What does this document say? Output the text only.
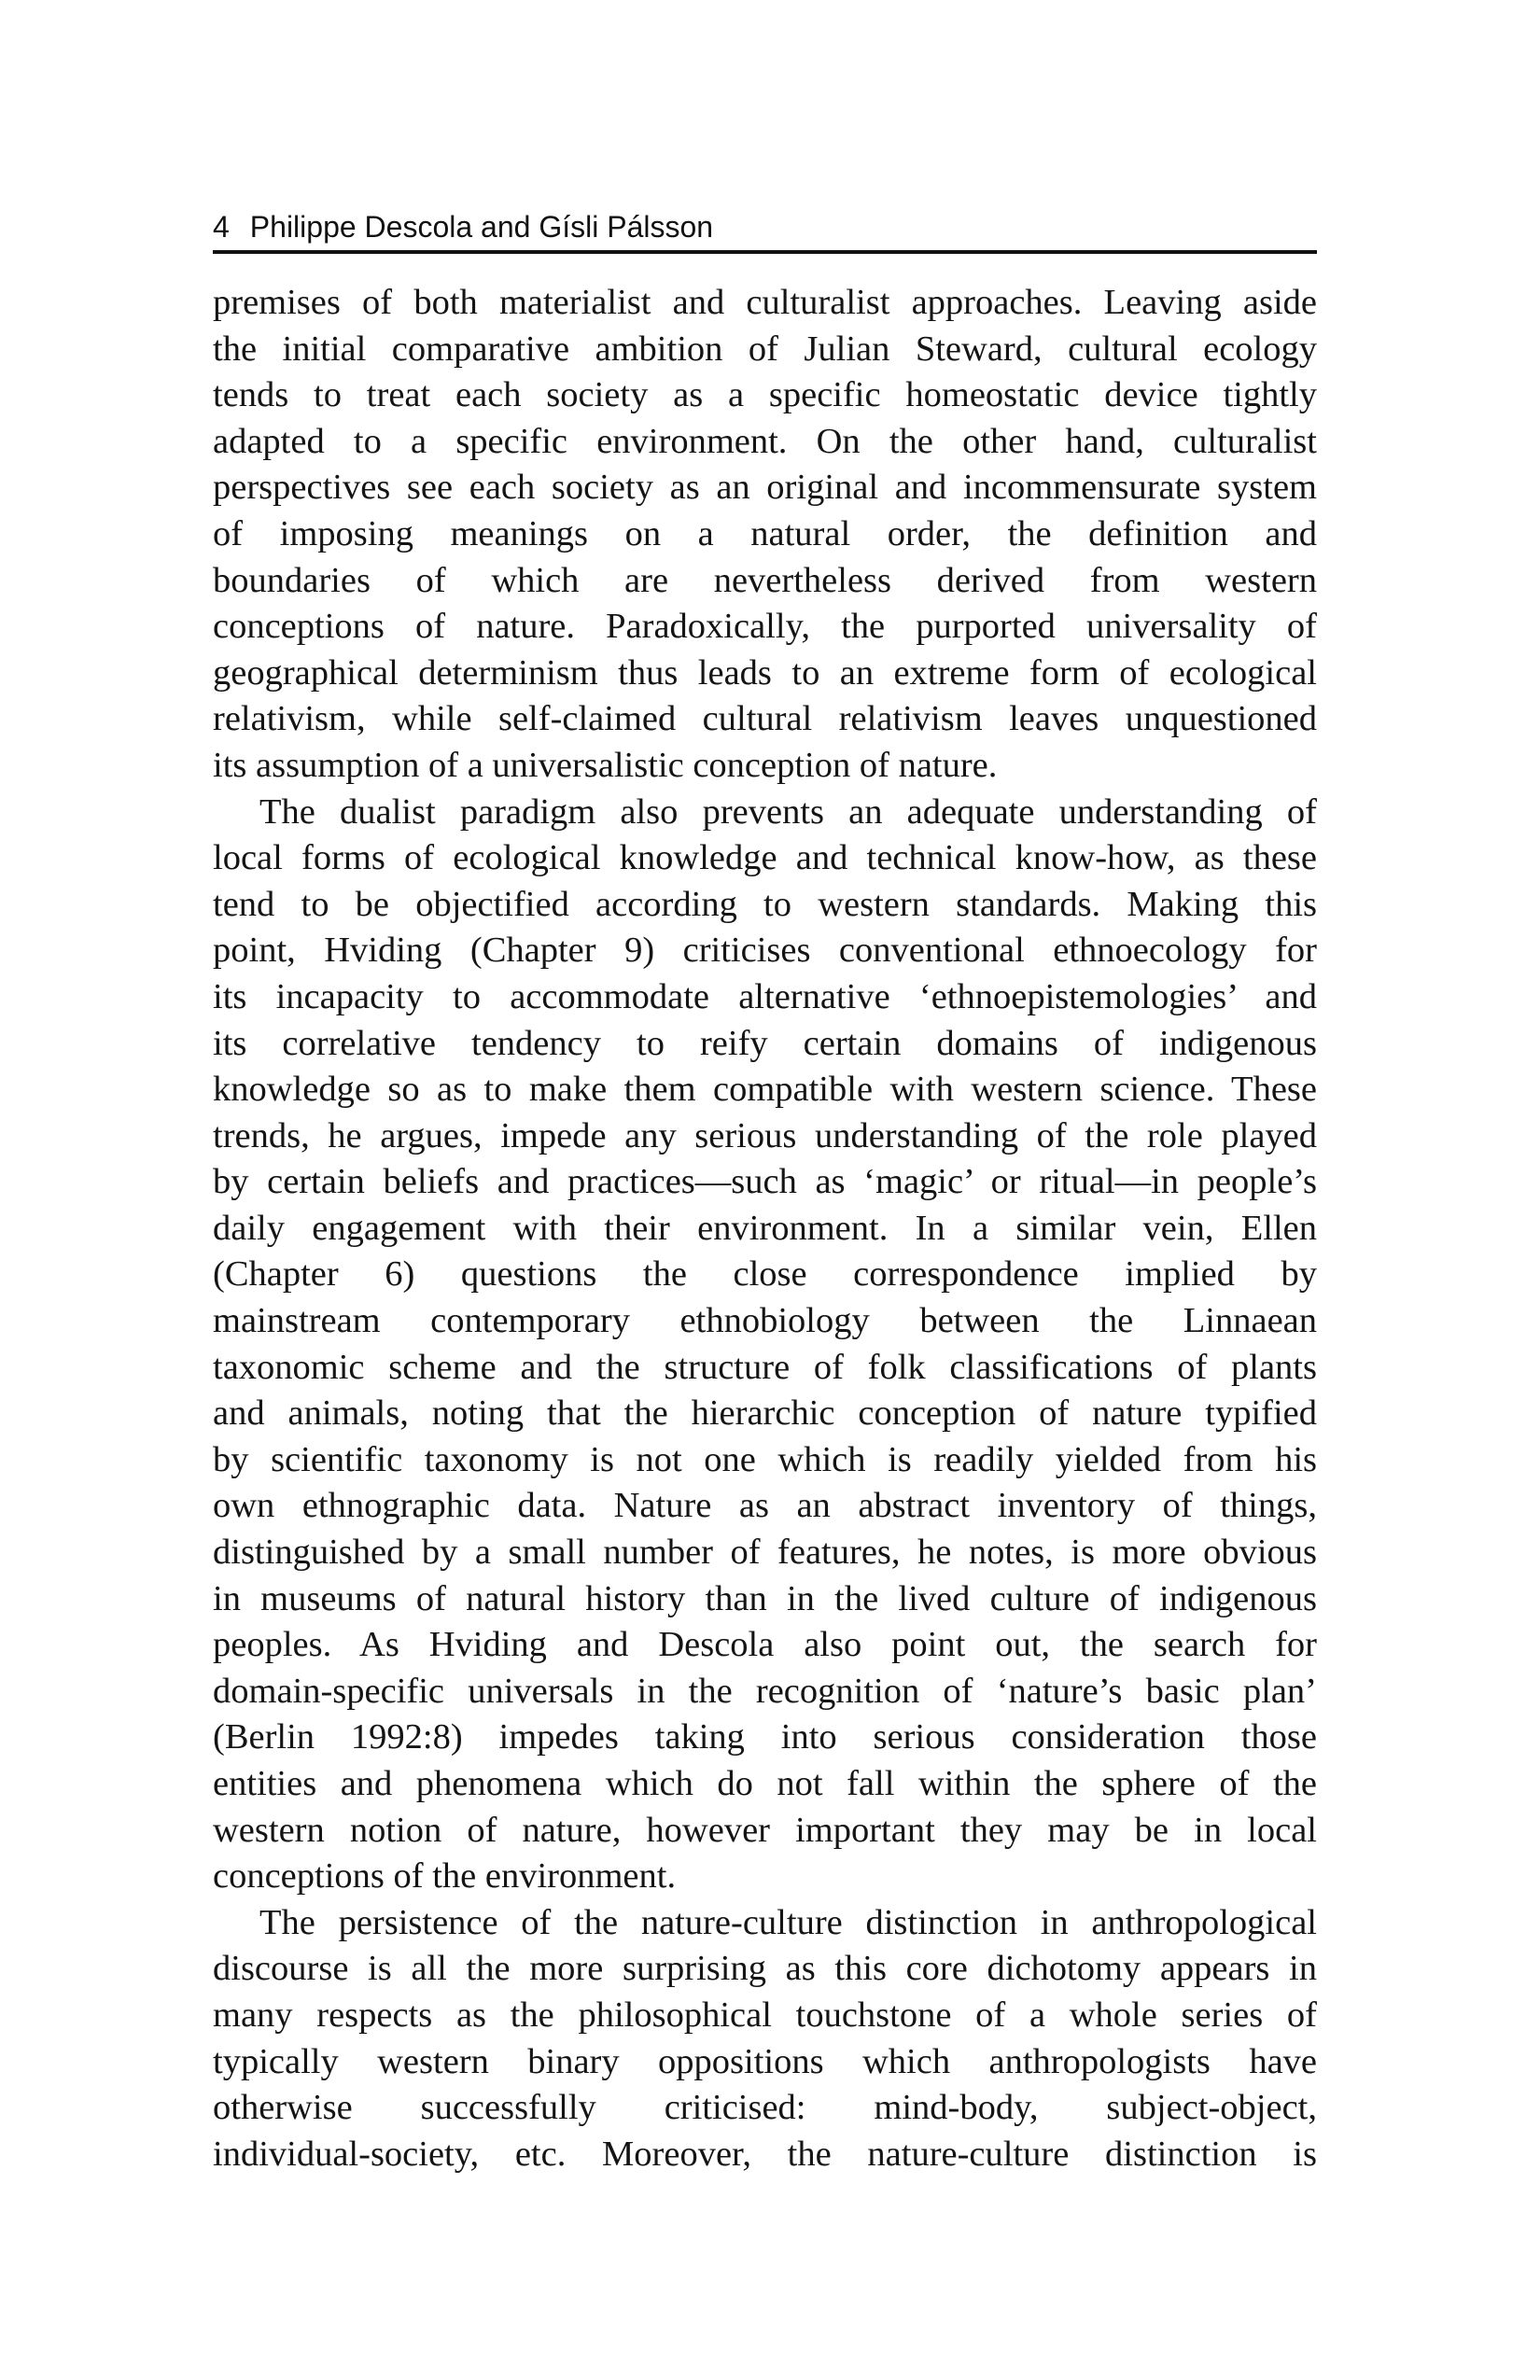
4 Philippe Descola and Gísli Pálsson
premises of both materialist and culturalist approaches. Leaving aside
the initial comparative ambition of Julian Steward, cultural ecology
tends to treat each society as a specific homeostatic device tightly
adapted to a specific environment. On the other hand, culturalist
perspectives see each society as an original and incommensurate system
of imposing meanings on a natural order, the definition and
boundaries of which are nevertheless derived from western
conceptions of nature. Paradoxically, the purported universality of
geographical determinism thus leads to an extreme form of ecological
relativism, while self-claimed cultural relativism leaves unquestioned
its assumption of a universalistic conception of nature.
The dualist paradigm also prevents an adequate understanding of
local forms of ecological knowledge and technical know-how, as these
tend to be objectified according to western standards. Making this
point, Hviding (Chapter 9) criticises conventional ethnoecology for
its incapacity to accommodate alternative ‘ethnoepistemologies’ and
its correlative tendency to reify certain domains of indigenous
knowledge so as to make them compatible with western science. These
trends, he argues, impede any serious understanding of the role played
by certain beliefs and practices—such as ‘magic’ or ritual—in people’s
daily engagement with their environment. In a similar vein, Ellen
(Chapter 6) questions the close correspondence implied by
mainstream contemporary ethnobiology between the Linnaean
taxonomic scheme and the structure of folk classifications of plants
and animals, noting that the hierarchic conception of nature typified
by scientific taxonomy is not one which is readily yielded from his
own ethnographic data. Nature as an abstract inventory of things,
distinguished by a small number of features, he notes, is more obvious
in museums of natural history than in the lived culture of indigenous
peoples. As Hviding and Descola also point out, the search for
domain-specific universals in the recognition of ‘nature’s basic plan’
(Berlin 1992:8) impedes taking into serious consideration those
entities and phenomena which do not fall within the sphere of the
western notion of nature, however important they may be in local
conceptions of the environment.
The persistence of the nature-culture distinction in anthropological
discourse is all the more surprising as this core dichotomy appears in
many respects as the philosophical touchstone of a whole series of
typically western binary oppositions which anthropologists have
otherwise successfully criticised: mind-body, subject-object,
individual-society, etc. Moreover, the nature-culture distinction is
